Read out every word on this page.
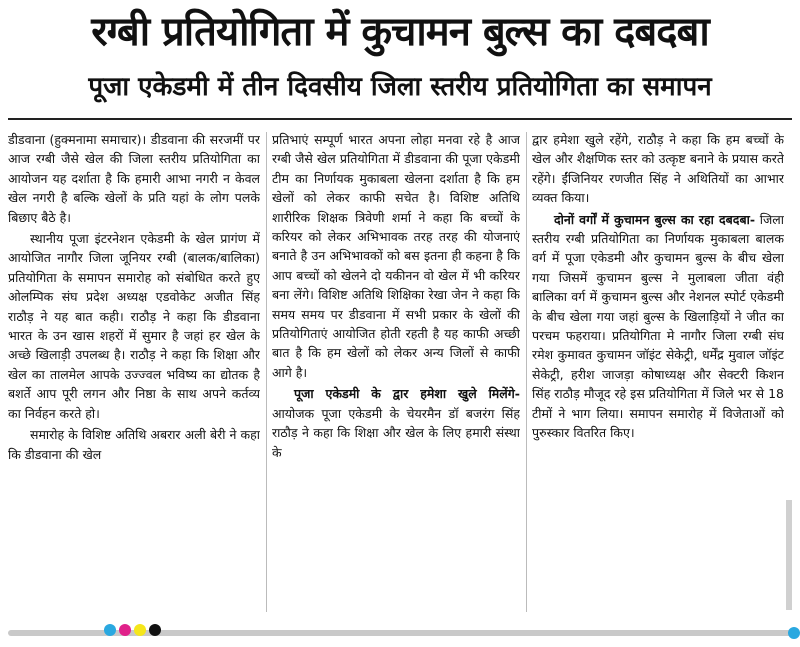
रग्बी प्रतियोगिता में कुचामन बुल्स का दबदबा
पूजा एकेडमी में तीन दिवसीय जिला स्तरीय प्रतियोगिता का समापन

डीडवाना (हुक्मनामा समाचार)। डीडवाना की सरजमीं पर आज रग्बी जैसे खेल की जिला स्तरीय प्रतियोगिता का आयोजन यह दर्शाता है कि हमारी आभा नगरी न केवल खेल नगरी है बल्कि खेलों के प्रति यहां के लोग पलके बिछाए बैठे है।

स्थानीय पूजा इंटरनेशन एकेडमी के खेल प्रागंण में आयोजित नागौर जिला जूनियर रग्बी (बालक/बालिका) प्रतियोगिता के समापन समारोह को संबोधित करते हुए ओलम्पिक संघ प्रदेश अध्यक्ष एडवोकेट अजीत सिंह राठौड़ ने यह बात कही। राठौड़ ने कहा कि डीडवाना भारत के उन खास शहरों में सुमार है जहां हर खेल के अच्छे खिलाड़ी उपलब्ध है। राठौड़ ने कहा कि शिक्षा और खेल का तालमेल आपके उज्ज्वल भविष्य का द्योतक है बशर्ते आप पूरी लगन और निष्ठा के साथ अपने कर्तव्य का निर्वहन करते हो।

समारोह के विशिष्ट अतिथि अबरार अली बेरी ने कहा कि डीडवाना की खेल

प्रतिभाएं सम्पूर्ण भारत अपना लोहा मनवा रहे है आज रग्बी जैसे खेल प्रतियोगिता में डीडवाना की पूजा एकेडमी टीम का निर्णायक मुकाबला खेलना दर्शाता है कि हम खेलों को लेकर काफी सचेत है। विशिष्ट अतिथि शारीरिक शिक्षक त्रिवेणी शर्मा ने कहा कि बच्चों के करियर को लेकर अभिभावक तरह तरह की योजनाएं बनाते है उन अभिभावकों को बस इतना ही कहना है कि आप बच्चों को खेलने दो यकीनन वो खेल में भी करियर बना लेंगे। विशिष्ट अतिथि शिक्षिका रेखा जेन ने कहा कि समय समय पर डीडवाना में सभी प्रकार के खेलों की प्रतियोगिताएं आयोजित होती रहती है यह काफी अच्छी बात है कि हम खेलों को लेकर अन्य जिलों से काफी आगे है।

पूजा एकेडमी के द्वार हमेशा खुले मिलेंगे- आयोजक पूजा एकेडमी के चेयरमैन डॉ बजरंग सिंह राठौड़ ने कहा कि शिक्षा और खेल के लिए हमारी संस्था के

द्वार हमेशा खुले रहेंगे, राठौड़ ने कहा कि हम बच्चों के खेल और शैक्षणिक स्तर को उत्कृष्ट बनाने के प्रयास करते रहेंगे। ईंजिनियर रणजीत सिंह ने अथितियों का आभार व्यक्त किया।

दोनों वर्गों में कुचामन बुल्स का रहा दबदबा- जिला स्तरीय रग्बी प्रतियोगिता का निर्णायक मुकाबला बालक वर्ग में पूजा एकेडमी और कुचामन बुल्स के बीच खेला गया जिसमें कुचामन बुल्स ने मुलाबला जीता वंही बालिका वर्ग में कुचामन बुल्स और नेशनल स्पोर्ट एकेडमी के बीच खेला गया जहां बुल्स के खिलाड़ियों ने जीत का परचम फहराया। प्रतियोगिता मे नागौर जिला रग्बी संघ रमेश कुमावत कुचामन जॉइंट सेकेट्री, धर्मेंद्र मुवाल जॉइंट सेकेट्री, हरीश जाजड़ा कोषाध्यक्ष और सेक्टरी किशन सिंह राठौड़ मौजूद रहे इस प्रतियोगिता में जिले भर से 18 टीमों ने भाग लिया। समापन समारोह में विजेताओं को पुरुस्कार वितरित किए।
